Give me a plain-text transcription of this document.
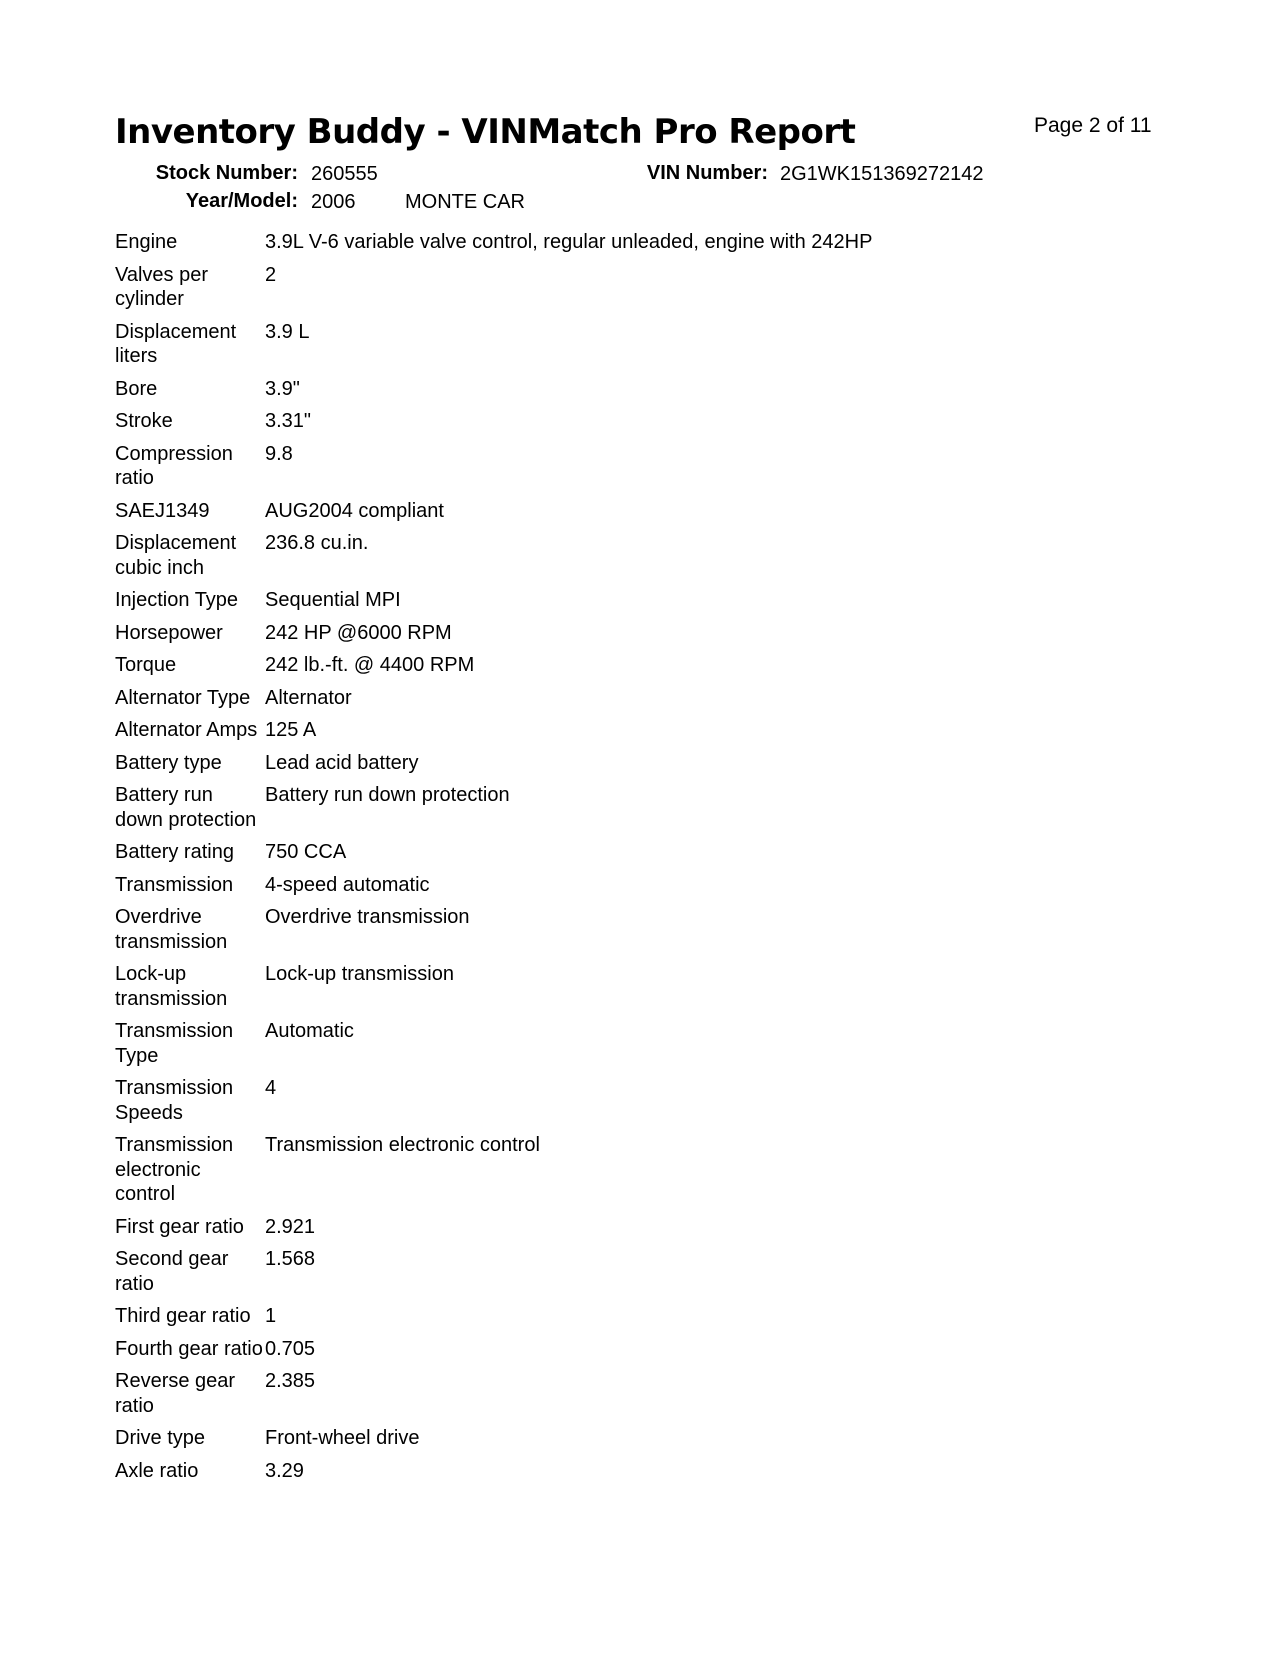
Inventory Buddy - VINMatch Pro Report	Page 2 of 11
Stock Number: 260555	VIN Number: 2G1WK151369272142
Year/Model: 2006 MONTE CAR
Engine	3.9L V-6 variable valve control, regular unleaded, engine with 242HP
Valves per cylinder	2
Displacement liters	3.9 L
Bore	3.9"
Stroke	3.31"
Compression ratio	9.8
SAEJ1349	AUG2004 compliant
Displacement cubic inch	236.8 cu.in.
Injection Type	Sequential MPI
Horsepower	242 HP @6000 RPM
Torque	242 lb.-ft. @ 4400 RPM
Alternator Type	Alternator
Alternator Amps	125 A
Battery type	Lead acid battery
Battery run down protection	Battery run down protection
Battery rating	750 CCA
Transmission	4-speed automatic
Overdrive transmission	Overdrive transmission
Lock-up transmission	Lock-up transmission
Transmission Type	Automatic
Transmission Speeds	4
Transmission electronic control	Transmission electronic control
First gear ratio	2.921
Second gear ratio	1.568
Third gear ratio	1
Fourth gear ratio	0.705
Reverse gear ratio	2.385
Drive type	Front-wheel drive
Axle ratio	3.29
